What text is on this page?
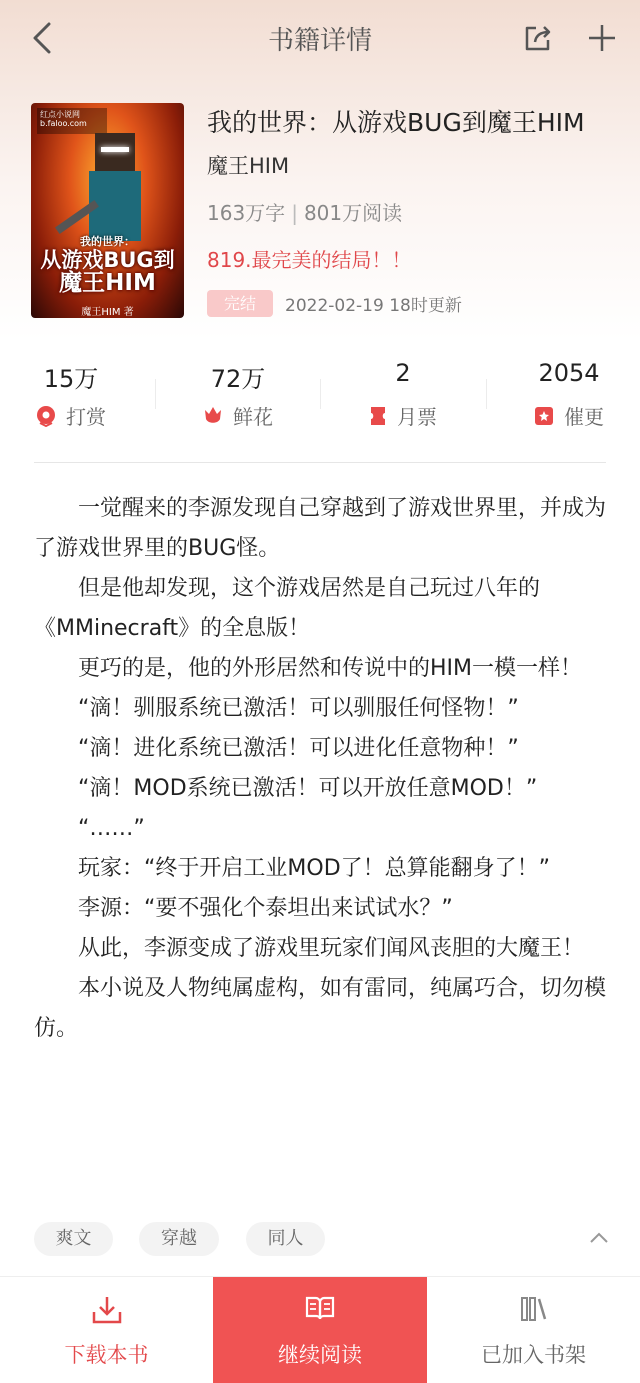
书籍详情
红点小说网
b.faloo.com
我的世界：
从游戏BUG到
魔王HIM
魔王HIM 著
我的世界：从游戏BUG到魔王HIM
魔王HIM
163万字 | 801万阅读
819.最完美的结局！！
完结	2022-02-19 18时更新
15万
打赏
72万
鲜花
2
月票
2054
催更

一觉醒来的李源发现自己穿越到了游戏世界里，并成为了游戏世界里的BUG怪。

但是他却发现，这个游戏居然是自己玩过八年的《MMinecraft》的全息版！

更巧的是，他的外形居然和传说中的HIM一模一样！

“滴！驯服系统已激活！可以驯服任何怪物！”

“滴！进化系统已激活！可以进化任意物种！”

“滴！MOD系统已激活！可以开放任意MOD！”

“……”

玩家：“终于开启工业MOD了！总算能翻身了！”

李源：“要不强化个泰坦出来试试水？”

从此，李源变成了游戏里玩家们闻风丧胆的大魔王！

本小说及人物纯属虚构，如有雷同，纯属巧合，切勿模仿。

爽文	穿越	同人
下载本书	继续阅读	已加入书架
